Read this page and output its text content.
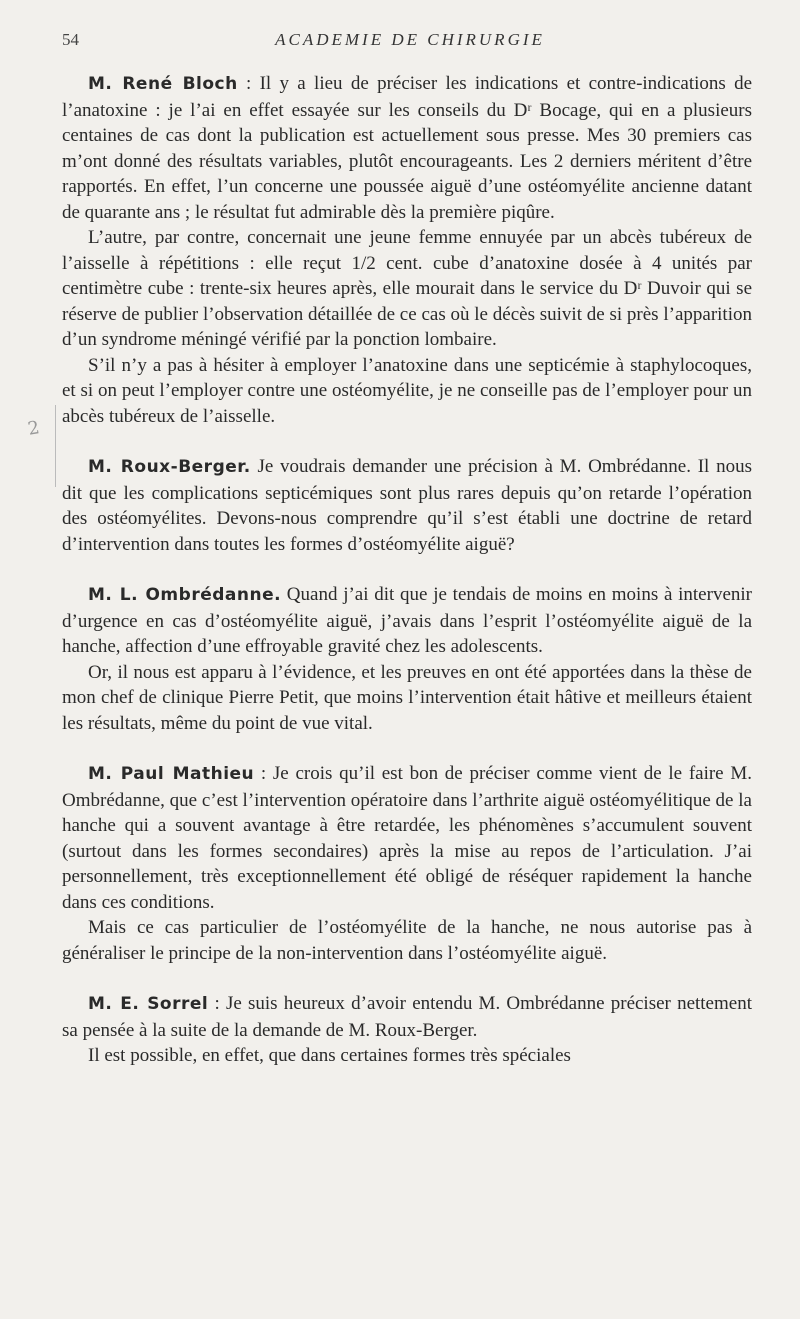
54	ACADEMIE DE CHIRURGIE
2

M. René Bloch : Il y a lieu de préciser les indications et contre-indications de l’anatoxine : je l’ai en effet essayée sur les conseils du Dʳ Bocage, qui en a plusieurs centaines de cas dont la publication est actuellement sous presse. Mes 30 premiers cas m’ont donné des résultats variables, plutôt encourageants. Les 2 derniers méritent d’être rapportés. En effet, l’un concerne une poussée aiguë d’une ostéomyélite ancienne datant de quarante ans ; le résultat fut admirable dès la première piqûre.

L’autre, par contre, concernait une jeune femme ennuyée par un abcès tubéreux de l’aisselle à répétitions : elle reçut 1/2 cent. cube d’anatoxine dosée à 4 unités par centimètre cube : trente-six heures après, elle mourait dans le service du Dʳ Duvoir qui se réserve de publier l’observation détaillée de ce cas où le décès suivit de si près l’apparition d’un syndrome méningé vérifié par la ponction lombaire.

S’il n’y a pas à hésiter à employer l’anatoxine dans une septicémie à staphylocoques, et si on peut l’employer contre une ostéomyélite, je ne conseille pas de l’employer pour un abcès tubéreux de l’aisselle.

M. Roux-Berger. Je voudrais demander une précision à M. Ombrédanne. Il nous dit que les complications septicémiques sont plus rares depuis qu’on retarde l’opération des ostéomyélites. Devons-nous comprendre qu’il s’est établi une doctrine de retard d’intervention dans toutes les formes d’ostéomyélite aiguë?

M. L. Ombrédanne. Quand j’ai dit que je tendais de moins en moins à intervenir d’urgence en cas d’ostéomyélite aiguë, j’avais dans l’esprit l’ostéomyélite aiguë de la hanche, affection d’une effroyable gravité chez les adolescents.

Or, il nous est apparu à l’évidence, et les preuves en ont été apportées dans la thèse de mon chef de clinique Pierre Petit, que moins l’intervention était hâtive et meilleurs étaient les résultats, même du point de vue vital.

M. Paul Mathieu : Je crois qu’il est bon de préciser comme vient de le faire M. Ombrédanne, que c’est l’intervention opératoire dans l’arthrite aiguë ostéomyélitique de la hanche qui a souvent avantage à être retardée, les phénomènes s’accumulent souvent (surtout dans les formes secondaires) après la mise au repos de l’articulation. J’ai personnellement, très exceptionnellement été obligé de réséquer rapidement la hanche dans ces conditions.

Mais ce cas particulier de l’ostéomyélite de la hanche, ne nous autorise pas à généraliser le principe de la non-intervention dans l’ostéomyélite aiguë.

M. E. Sorrel : Je suis heureux d’avoir entendu M. Ombrédanne préciser nettement sa pensée à la suite de la demande de M. Roux-Berger.

Il est possible, en effet, que dans certaines formes très spéciales
